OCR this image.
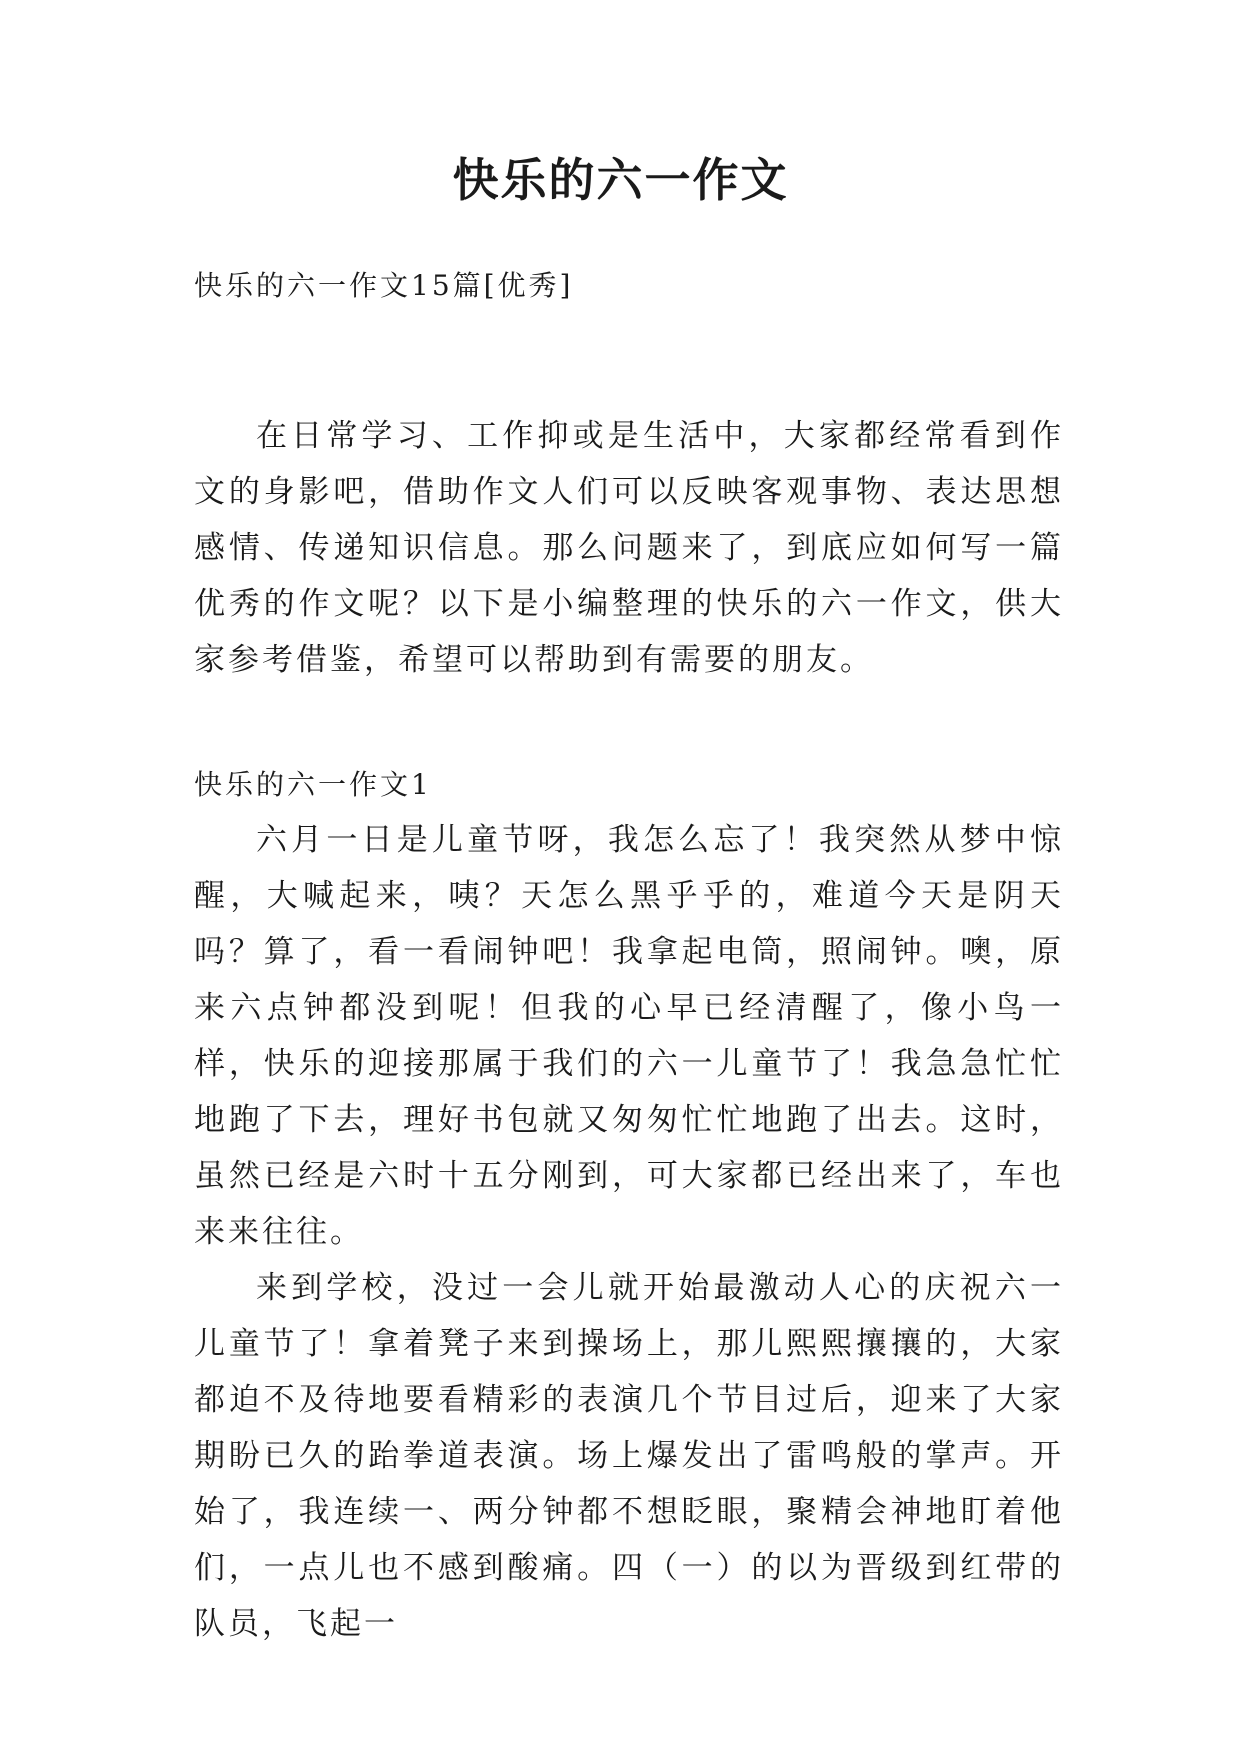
快乐的六一作文

快乐的六一作文15篇[优秀]

在日常学习、工作抑或是生活中，大家都经常看到作文的身影吧，借助作文人们可以反映客观事物、表达思想感情、传递知识信息。那么问题来了，到底应如何写一篇优秀的作文呢？以下是小编整理的快乐的六一作文，供大家参考借鉴，希望可以帮助到有需要的朋友。

快乐的六一作文1

六月一日是儿童节呀，我怎么忘了！我突然从梦中惊醒，大喊起来，咦？天怎么黑乎乎的，难道今天是阴天吗？算了，看一看闹钟吧！我拿起电筒，照闹钟。噢，原来六点钟都没到呢！但我的心早已经清醒了，像小鸟一样，快乐的迎接那属于我们的六一儿童节了！我急急忙忙地跑了下去，理好书包就又匆匆忙忙地跑了出去。这时，虽然已经是六时十五分刚到，可大家都已经出来了，车也来来往往。

来到学校，没过一会儿就开始最激动人心的庆祝六一儿童节了！拿着凳子来到操场上，那儿熙熙攘攘的，大家都迫不及待地要看精彩的表演几个节目过后，迎来了大家期盼已久的跆拳道表演。场上爆发出了雷鸣般的掌声。开始了，我连续一、两分钟都不想眨眼，聚精会神地盯着他们，一点儿也不感到酸痛。四（一）的以为晋级到红带的队员，飞起一
